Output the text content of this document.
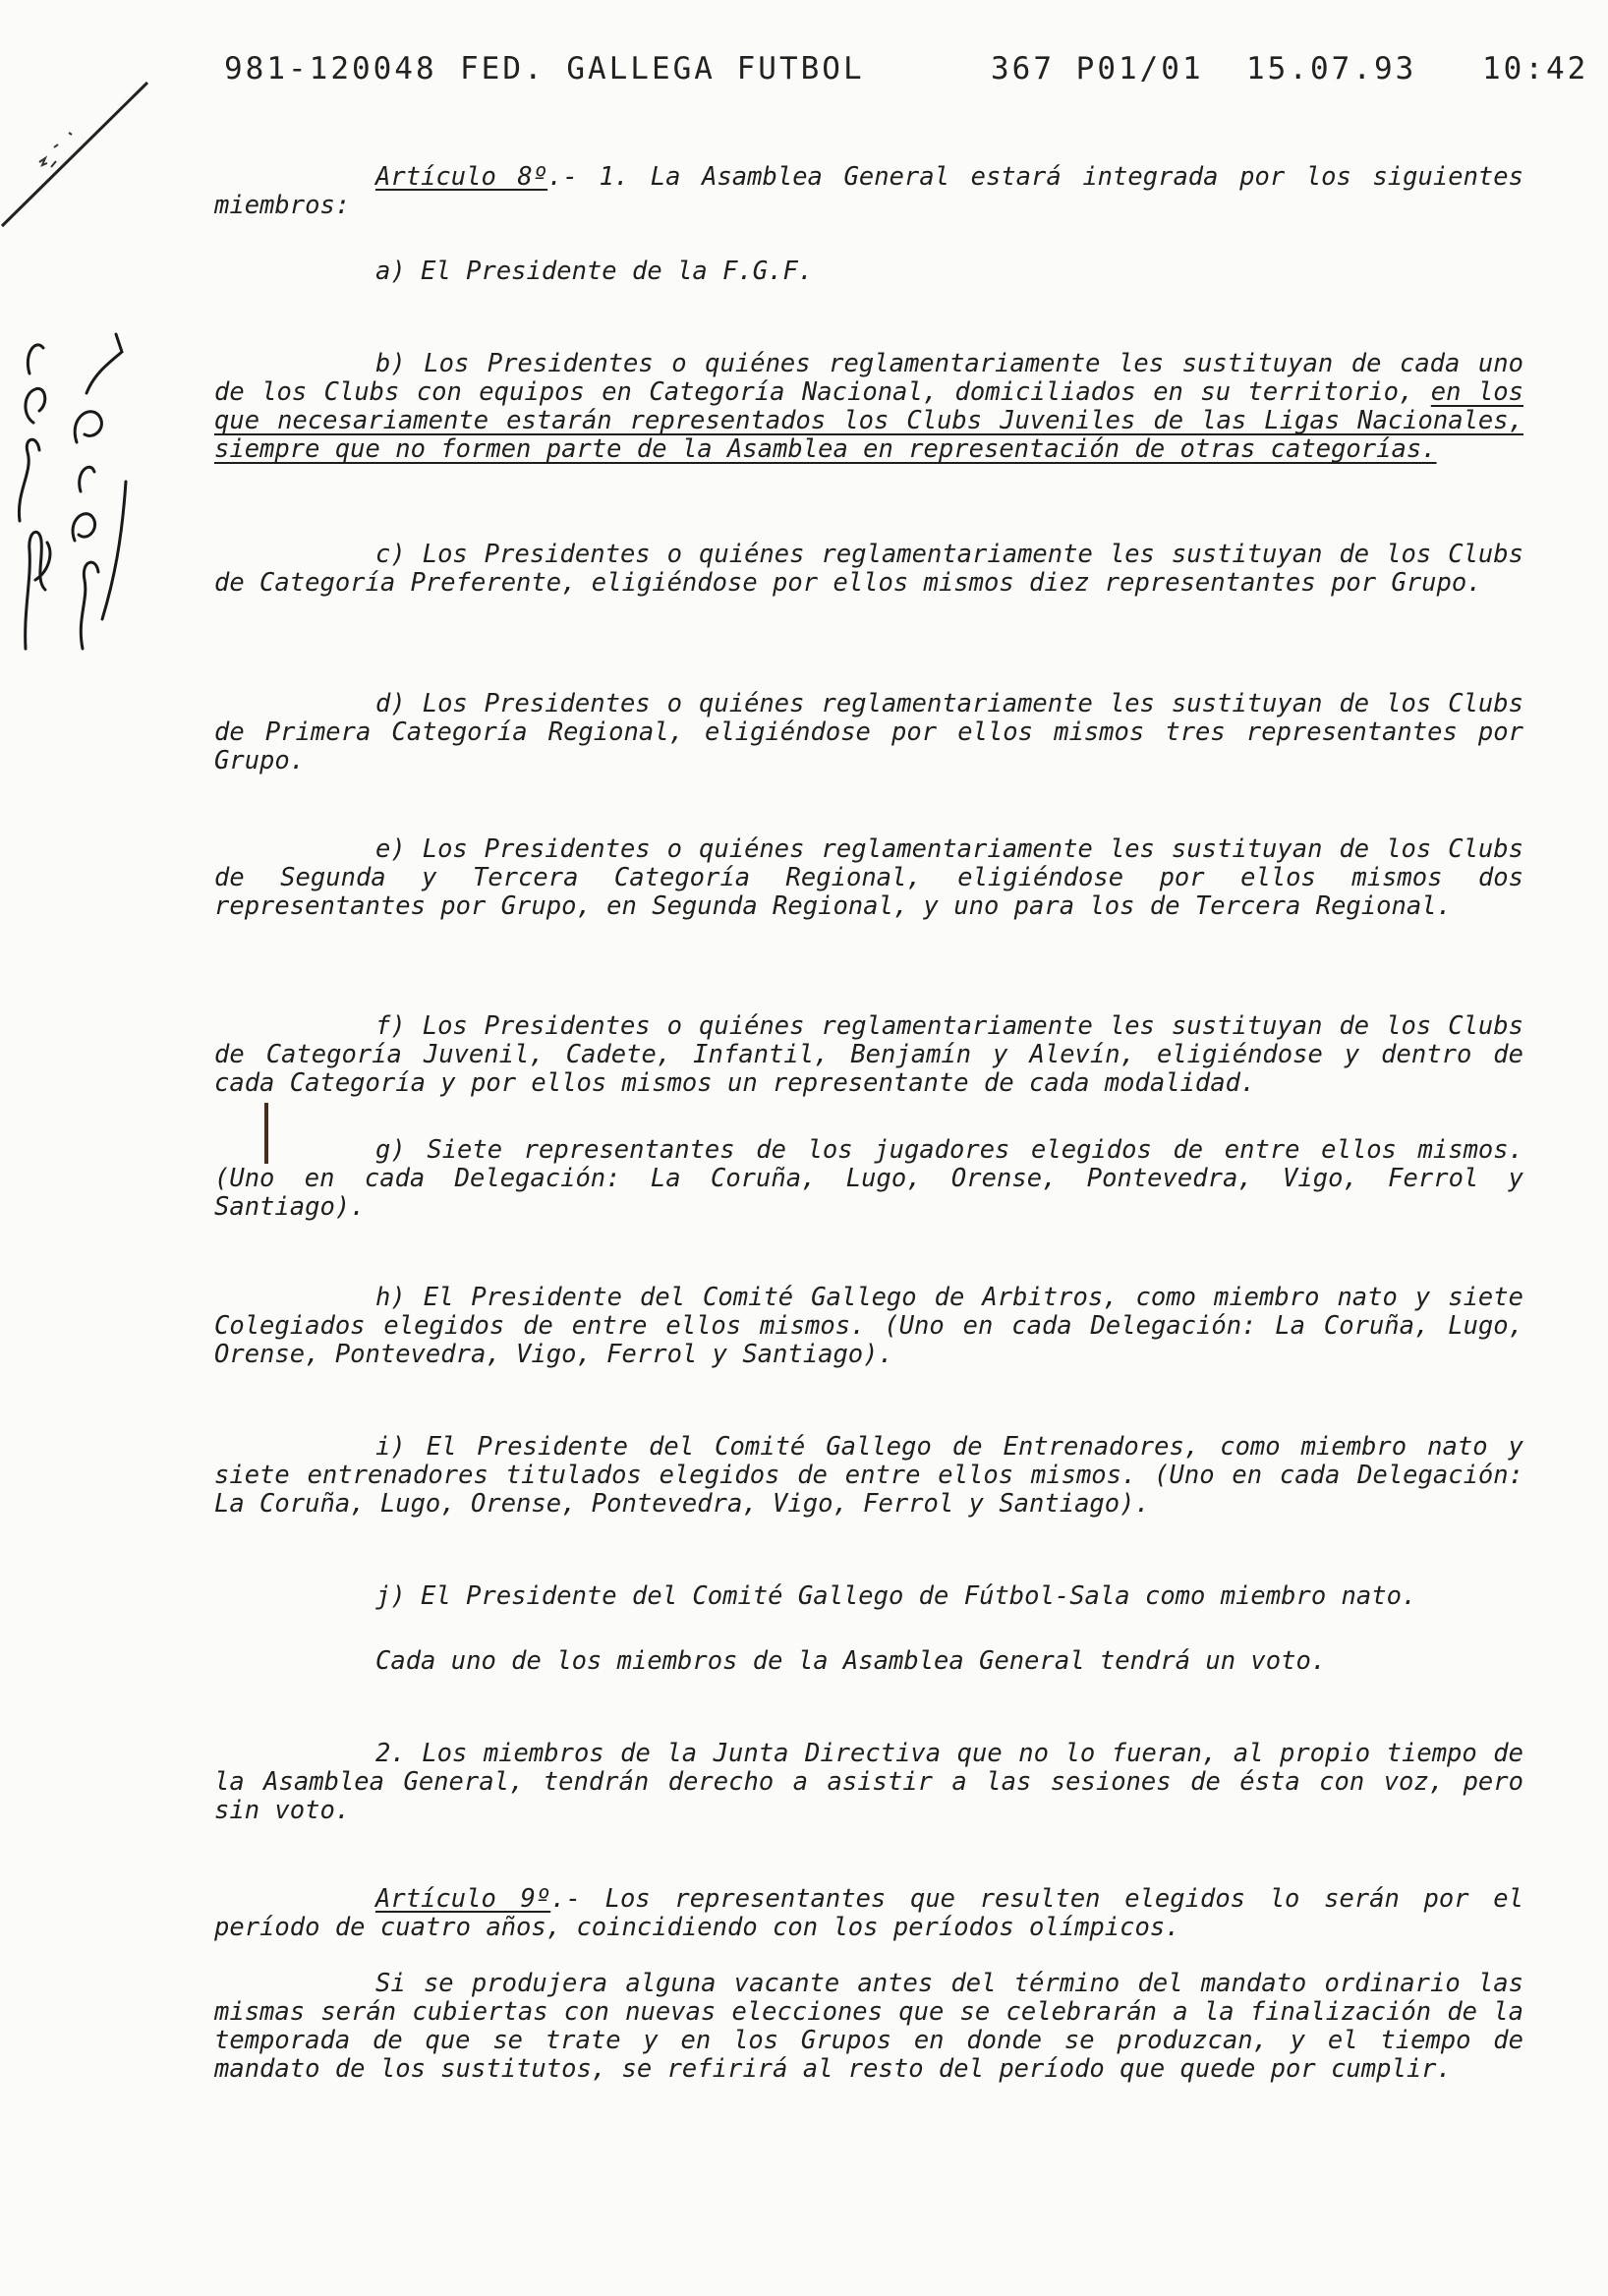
981-120048 FED. GALLEGA FUTBOL	367 P01/01 15.07.93 10:42

Artículo 8º.- 1. La Asamblea General estará integrada por los siguientes miembros:

a) El Presidente de la F.G.F.

b) Los Presidentes o quiénes reglamentariamente les sustituyan de cada uno de los Clubs con equipos en Categoría Nacional, domiciliados en su territorio, en los que necesariamente estarán representados los Clubs Juveniles de las Ligas Nacionales, siempre que no formen parte de la Asamblea en representación de otras categorías.

c) Los Presidentes o quiénes reglamentariamente les sustituyan de los Clubs de Categoría Preferente, eligiéndose por ellos mismos diez representantes por Grupo.

d) Los Presidentes o quiénes reglamentariamente les sustituyan de los Clubs de Primera Categoría Regional, eligiéndose por ellos mismos tres representantes por Grupo.

e) Los Presidentes o quiénes reglamentariamente les sustituyan de los Clubs de Segunda y Tercera Categoría Regional, eligiéndose por ellos mismos dos representantes por Grupo, en Segunda Regional, y uno para los de Tercera Regional.

f) Los Presidentes o quiénes reglamentariamente les sustituyan de los Clubs de Categoría Juvenil, Cadete, Infantil, Benjamín y Alevín, eligiéndose y dentro de cada Categoría y por ellos mismos un representante de cada modalidad.

g) Siete representantes de los jugadores elegidos de entre ellos mismos. (Uno en cada Delegación: La Coruña, Lugo, Orense, Pontevedra, Vigo, Ferrol y Santiago).

h) El Presidente del Comité Gallego de Arbitros, como miembro nato y siete Colegiados elegidos de entre ellos mismos. (Uno en cada Delegación: La Coruña, Lugo, Orense, Pontevedra, Vigo, Ferrol y Santiago).

i) El Presidente del Comité Gallego de Entrenadores, como miembro nato y siete entrenadores titulados elegidos de entre ellos mismos. (Uno en cada Delegación: La Coruña, Lugo, Orense, Pontevedra, Vigo, Ferrol y Santiago).

j) El Presidente del Comité Gallego de Fútbol-Sala como miembro nato.

Cada uno de los miembros de la Asamblea General tendrá un voto.

2. Los miembros de la Junta Directiva que no lo fueran, al propio tiempo de la Asamblea General, tendrán derecho a asistir a las sesiones de ésta con voz, pero sin voto.

Artículo 9º.- Los representantes que resulten elegidos lo serán por el período de cuatro años, coincidiendo con los períodos olímpicos.

Si se produjera alguna vacante antes del término del mandato ordinario las mismas serán cubiertas con nuevas elecciones que se celebrarán a la finalización de la temporada de que se trate y en los Grupos en donde se produzcan, y el tiempo de mandato de los sustitutos, se refirirá al resto del período que quede por cumplir.
